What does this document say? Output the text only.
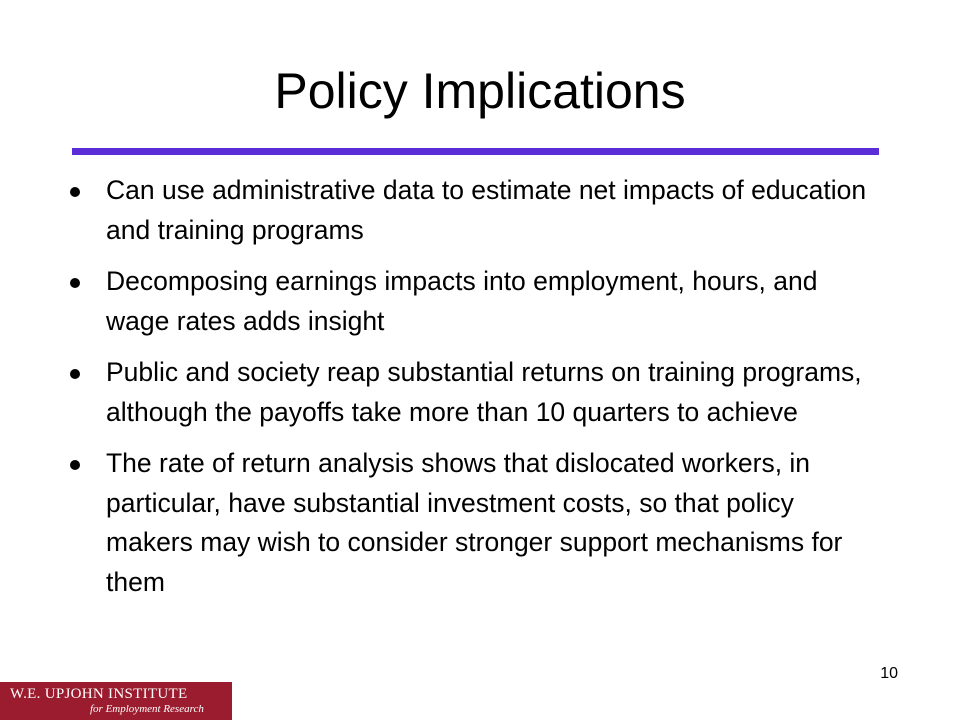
Policy Implications
Can use administrative data to estimate net impacts of education and training programs
Decomposing earnings impacts into employment, hours, and wage rates adds insight
Public and society reap substantial returns on training programs, although the payoffs take more than 10 quarters to achieve
The rate of return analysis shows that dislocated workers, in particular, have substantial investment costs, so that policy makers may wish to consider stronger support mechanisms for them
10
W.E. UPJOHN INSTITUTE
for Employment Research
